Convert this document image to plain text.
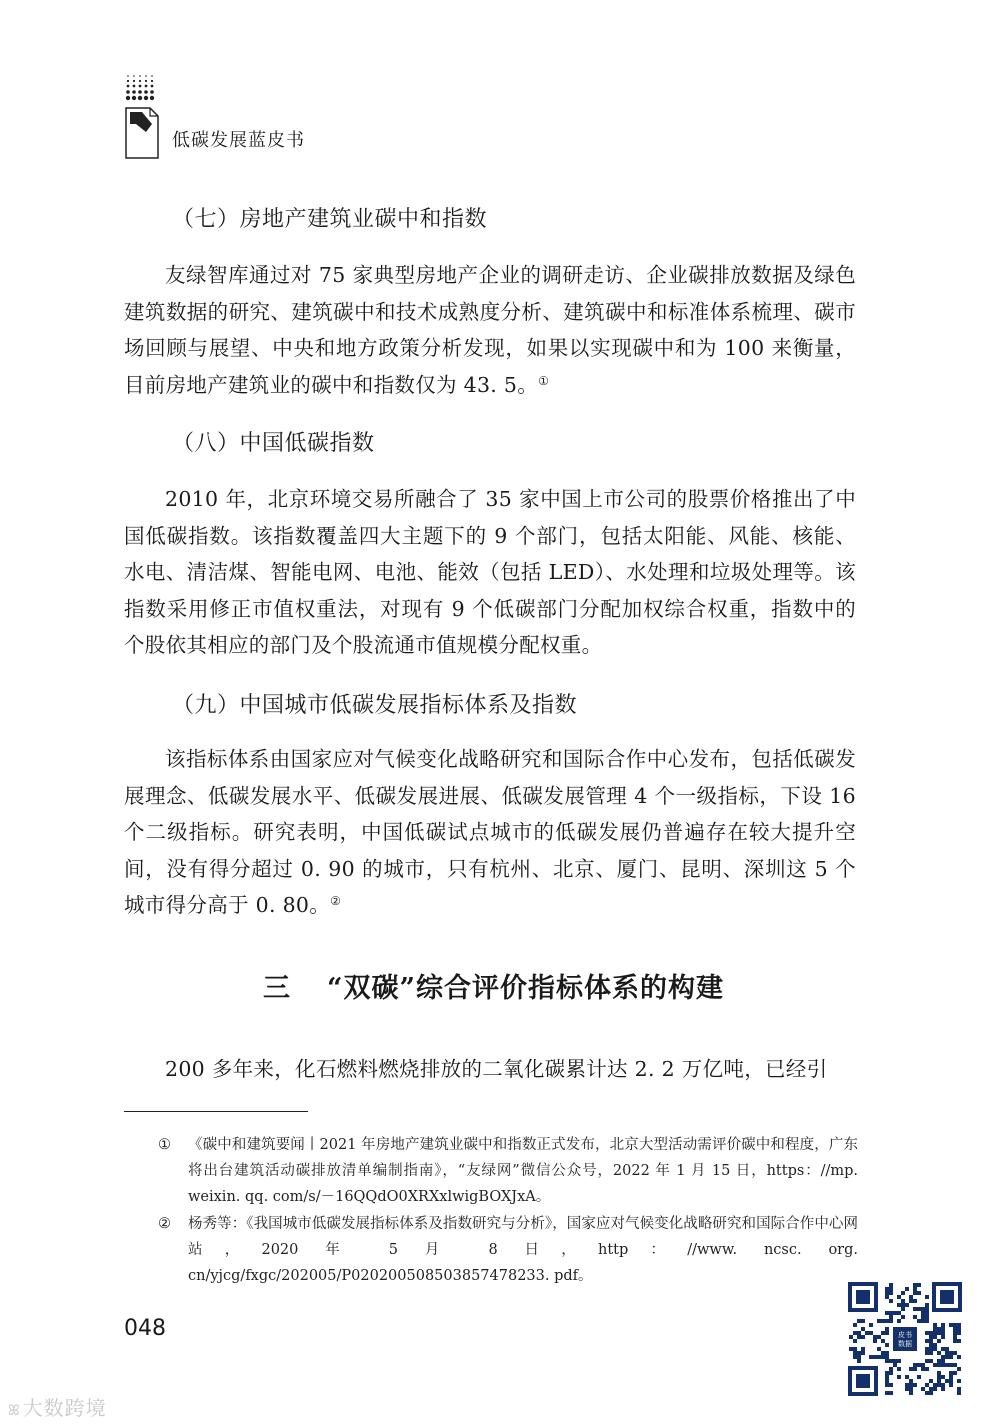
低碳发展蓝皮书
（七）房地产建筑业碳中和指数

友绿智库通过对 75 家典型房地产企业的调研走访、企业碳排放数据及绿色建筑数据的研究、建筑碳中和技术成熟度分析、建筑碳中和标准体系梳理、碳市场回顾与展望、中央和地方政策分析发现，如果以实现碳中和为 100 来衡量，目前房地产建筑业的碳中和指数仅为 43. 5。①

（八）中国低碳指数

2010 年，北京环境交易所融合了 35 家中国上市公司的股票价格推出了中国低碳指数。该指数覆盖四大主题下的 9 个部门，包括太阳能、风能、核能、水电、清洁煤、智能电网、电池、能效（包括 LED）、水处理和垃圾处理等。该指数采用修正市值权重法，对现有 9 个低碳部门分配加权综合权重，指数中的个股依其相应的部门及个股流通市值规模分配权重。

（九）中国城市低碳发展指标体系及指数

该指标体系由国家应对气候变化战略研究和国际合作中心发布，包括低碳发展理念、低碳发展水平、低碳发展进展、低碳发展管理 4 个一级指标，下设 16 个二级指标。研究表明，中国低碳试点城市的低碳发展仍普遍存在较大提升空间，没有得分超过 0. 90 的城市，只有杭州、北京、厦门、昆明、深圳这 5 个城市得分高于 0. 80。②

三 “双碳”综合评价指标体系的构建

200 多年来，化石燃料燃烧排放的二氧化碳累计达 2. 2 万亿吨，已经引

① 《碳中和建筑要闻丨2021 年房地产建筑业碳中和指数正式发布，北京大型活动需评价碳中和程度，广东将出台建筑活动碳排放清单编制指南》，“友绿网”微信公众号，2022 年 1 月 15 日，https：//mp. weixin. qq. com/s/－16QQdO0XRXxlwigBOXJxA。
② 杨秀等：《我国城市低碳发展指标体系及指数研究与分析》，国家应对气候变化战略研究和国际合作中心网站，2020 年 5 月 8 日，http：//www. ncsc. org. cn/yjcg/fxgc/202005/P020200508503857478233. pdf。
048	皮书
数据
ꕤ 大数跨境
